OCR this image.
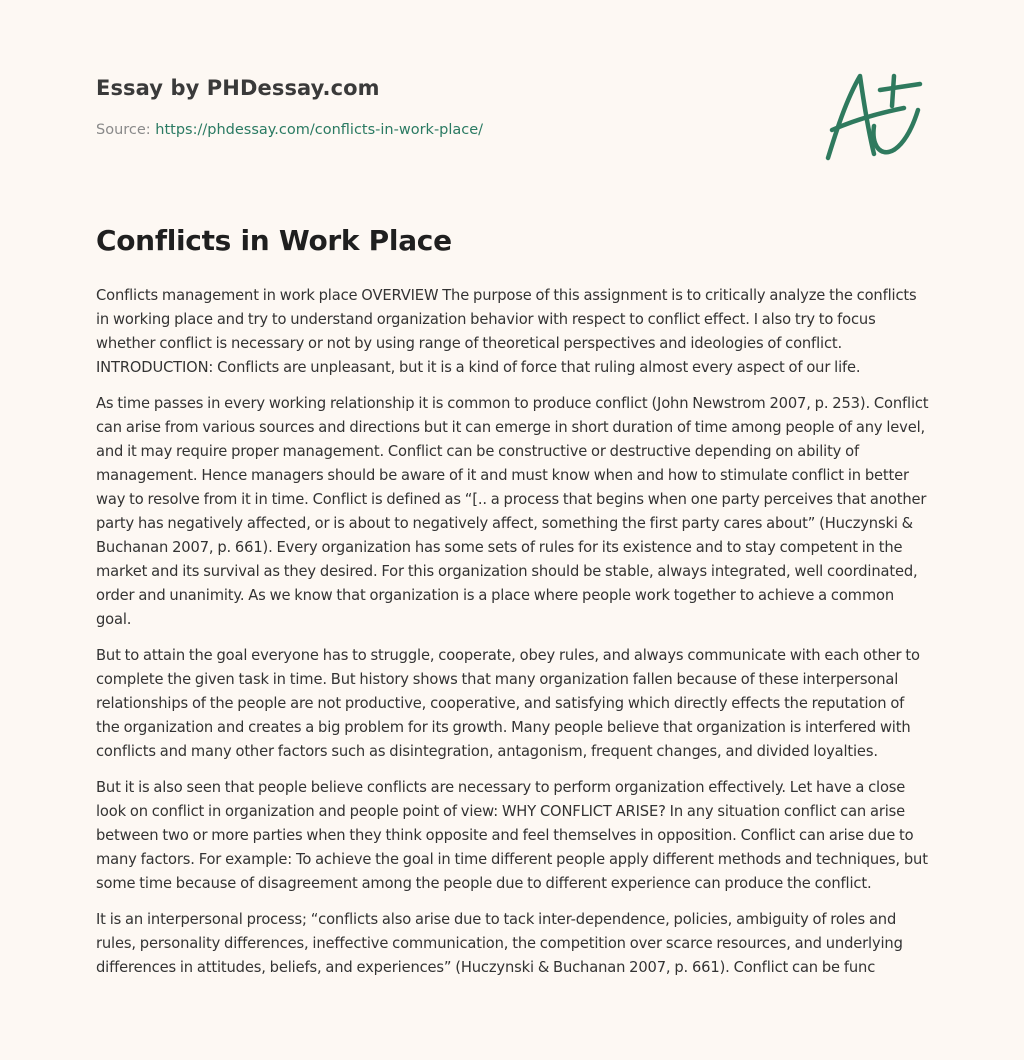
Essay by PHDessay.com
Source: https://phdessay.com/conflicts-in-work-place/
Conflicts in Work Place

Conflicts management in work place OVERVIEW The purpose of this assignment is to critically analyze the conflicts in working place and try to understand organization behavior with respect to conflict effect. I also try to focus whether conflict is necessary or not by using range of theoretical perspectives and ideologies of conflict. INTRODUCTION: Conflicts are unpleasant, but it is a kind of force that ruling almost every aspect of our life.

As time passes in every working relationship it is common to produce conflict (John Newstrom 2007, p. 253). Conflict can arise from various sources and directions but it can emerge in short duration of time among people of any level, and it may require proper management. Conflict can be constructive or destructive depending on ability of management. Hence managers should be aware of it and must know when and how to stimulate conflict in better way to resolve from it in time. Conflict is defined as “[.. a process that begins when one party perceives that another party has negatively affected, or is about to negatively affect, something the first party cares about” (Huczynski & Buchanan 2007, p. 661). Every organization has some sets of rules for its existence and to stay competent in the market and its survival as they desired. For this organization should be stable, always integrated, well coordinated, order and unanimity. As we know that organization is a place where people work together to achieve a common goal.

But to attain the goal everyone has to struggle, cooperate, obey rules, and always communicate with each other to complete the given task in time. But history shows that many organization fallen because of these interpersonal relationships of the people are not productive, cooperative, and satisfying which directly effects the reputation of the organization and creates a big problem for its growth. Many people believe that organization is interfered with conflicts and many other factors such as disintegration, antagonism, frequent changes, and divided loyalties.

But it is also seen that people believe conflicts are necessary to perform organization effectively. Let have a close look on conflict in organization and people point of view: WHY CONFLICT ARISE? In any situation conflict can arise between two or more parties when they think opposite and feel themselves in opposition. Conflict can arise due to many factors. For example: To achieve the goal in time different people apply different methods and techniques, but some time because of disagreement among the people due to different experience can produce the conflict.

It is an interpersonal process; “conflicts also arise due to tack inter-dependence, policies, ambiguity of roles and rules, personality differences, ineffective communication, the competition over scarce resources, and underlying differences in attitudes, beliefs, and experiences” (Huczynski & Buchanan 2007, p. 661). Conflict can be func
